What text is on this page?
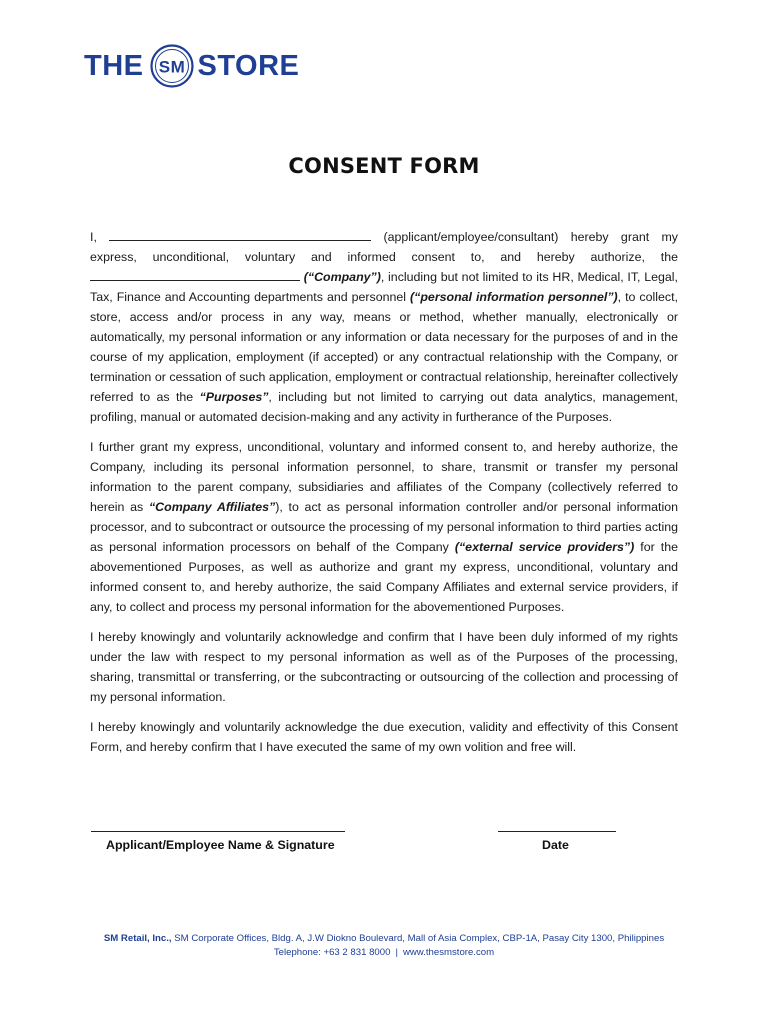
THE SM STORE
CONSENT FORM

I,	(applicant/employee/consultant) hereby grant my express, unconditional, voluntary and informed consent to, and hereby authorize, the  (“Company”), including but not limited to its HR, Medical, IT, Legal, Tax, Finance and Accounting departments and personnel (“personal information personnel”), to collect, store, access and/or process in any way, means or method, whether manually, electronically or automatically, my personal information or any information or data necessary for the purposes of and in the course of my application, employment (if accepted) or any contractual relationship with the Company, or termination or cessation of such application, employment or contractual relationship, hereinafter collectively referred to as the “Purposes”, including but not limited to carrying out data analytics, management, profiling, manual or automated decision-making and any activity in furtherance of the Purposes.

I further grant my express, unconditional, voluntary and informed consent to, and hereby authorize, the Company, including its personal information personnel, to share, transmit or transfer my personal information to the parent company, subsidiaries and affiliates of the Company (collectively referred to herein as “Company Affiliates”), to act as personal information controller and/or personal information processor, and to subcontract or outsource the processing of my personal information to third parties acting as personal information processors on behalf of the Company (“external service providers”) for the abovementioned Purposes, as well as authorize and grant my express, unconditional, voluntary and informed consent to, and hereby authorize, the said Company Affiliates and external service providers, if any, to collect and process my personal information for the abovementioned Purposes.

I hereby knowingly and voluntarily acknowledge and confirm that I have been duly informed of my rights under the law with respect to my personal information as well as of the Purposes of the processing, sharing, transmittal or transferring, or the subcontracting or outsourcing of the collection and processing of my personal information.

I hereby knowingly and voluntarily acknowledge the due execution, validity and effectivity of this Consent Form, and hereby confirm that I have executed the same of my own volition and free will.

Applicant/Employee Name & Signature	Date
SM Retail, Inc., SM Corporate Offices, Bldg. A, J.W Diokno Boulevard, Mall of Asia Complex, CBP-1A, Pasay City 1300, Philippines
Telephone: +63 2 831 8000 | www.thesmstore.com
